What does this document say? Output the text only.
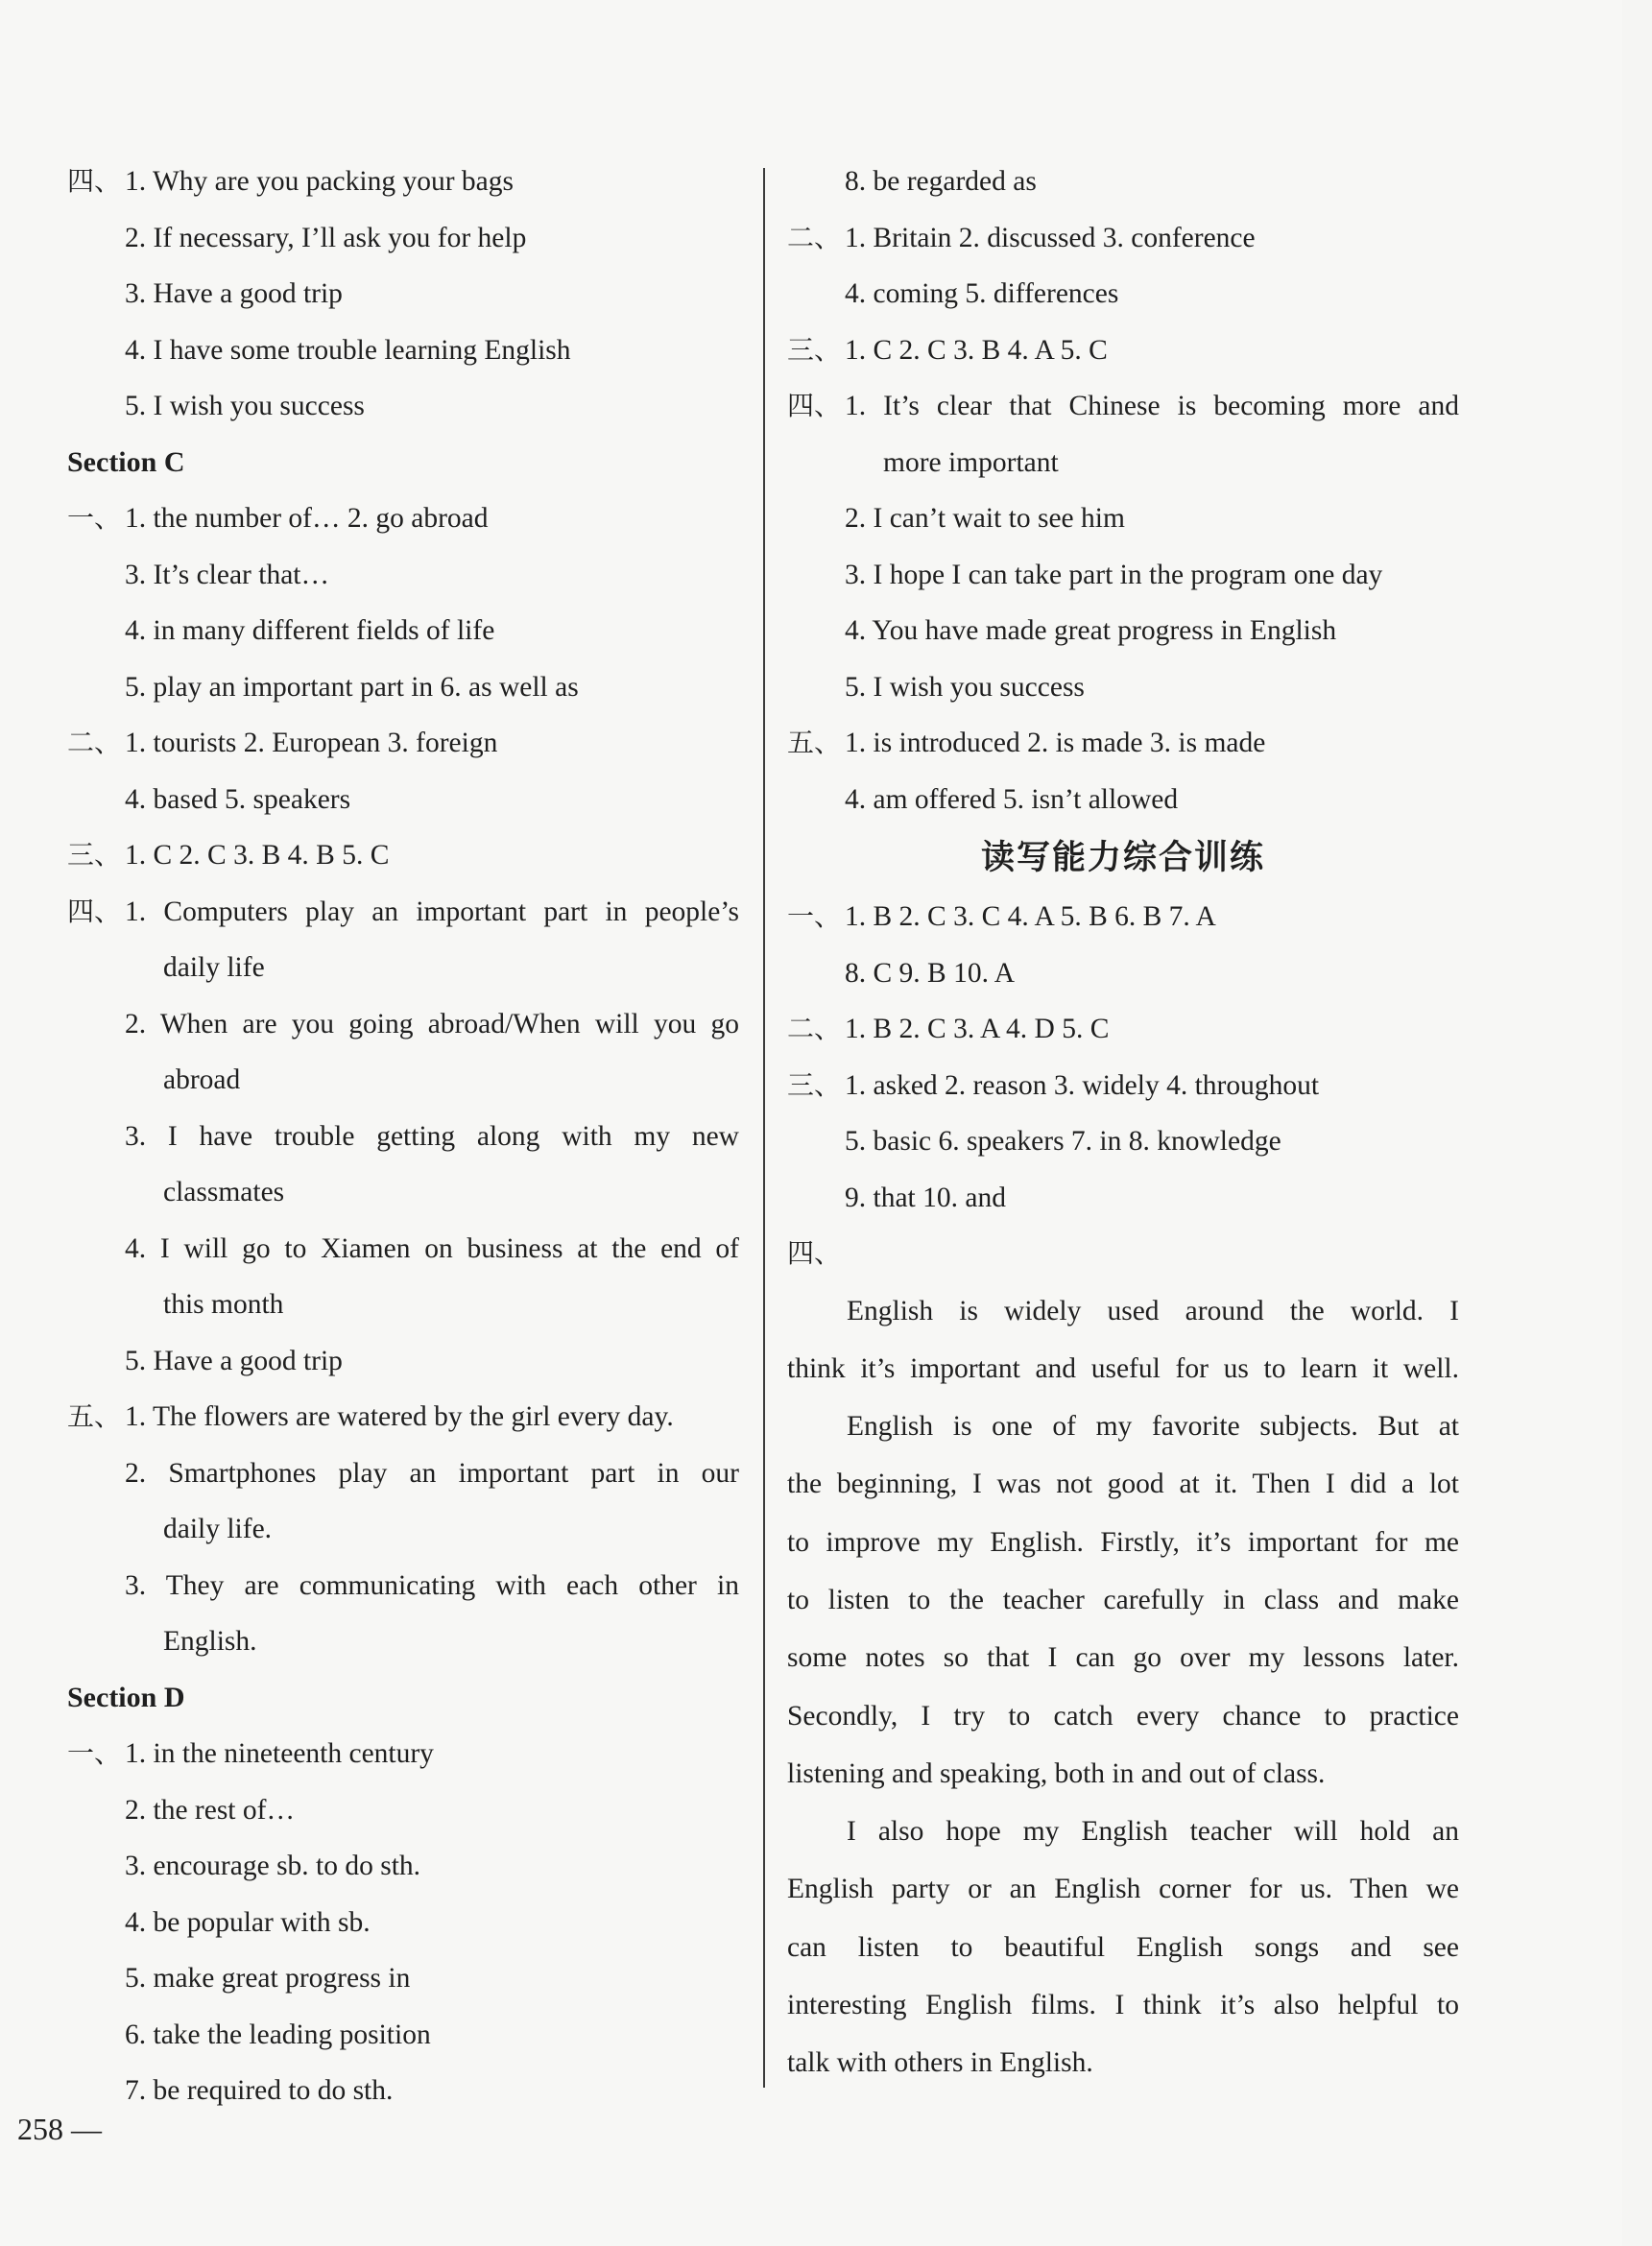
四、 1. Why are you packing your bags
2. If necessary, I’ll ask you for help
3. Have a good trip
4. I have some trouble learning English
5. I wish you success
Section C
一、 1. the number of… 2. go abroad
3. It’s clear that…
4. in many different fields of life
5. play an important part in 6. as well as
二、 1. tourists 2. European 3. foreign
4. based 5. speakers
三、 1. C 2. C 3. B 4. B 5. C
四、 1. Computers play an important part in people’s
daily life
2. When are you going abroad/When will you go
abroad
3. I have trouble getting along with my new
classmates
4. I will go to Xiamen on business at the end of
this month
5. Have a good trip
五、 1. The flowers are watered by the girl every day.
2. Smartphones play an important part in our
daily life.
3. They are communicating with each other in
English.
Section D
一、 1. in the nineteenth century
2. the rest of…
3. encourage sb. to do sth.
4. be popular with sb.
5. make great progress in
6. take the leading position
7. be required to do sth.
8. be regarded as
二、 1. Britain 2. discussed 3. conference
4. coming 5. differences
三、 1. C 2. C 3. B 4. A 5. C
四、 1. It’s clear that Chinese is becoming more and
more important
2. I can’t wait to see him
3. I hope I can take part in the program one day
4. You have made great progress in English
5. I wish you success
五、 1. is introduced 2. is made 3. is made
4. am offered 5. isn’t allowed
读写能力综合训练
一、 1. B 2. C 3. C 4. A 5. B 6. B 7. A
8. C 9. B 10. A
二、 1. B 2. C 3. A 4. D 5. C
三、 1. asked 2. reason 3. widely 4. throughout
5. basic 6. speakers 7. in 8. knowledge
9. that 10. and
四、
English is widely used around the world. I
think it’s important and useful for us to learn it well.
English is one of my favorite subjects. But at
the beginning, I was not good at it. Then I did a lot
to improve my English. Firstly, it’s important for me
to listen to the teacher carefully in class and make
some notes so that I can go over my lessons later.
Secondly, I try to catch every chance to practice
listening and speaking, both in and out of class.
I also hope my English teacher will hold an
English party or an English corner for us. Then we
can listen to beautiful English songs and see
interesting English films. I think it’s also helpful to
talk with others in English.
258 —
